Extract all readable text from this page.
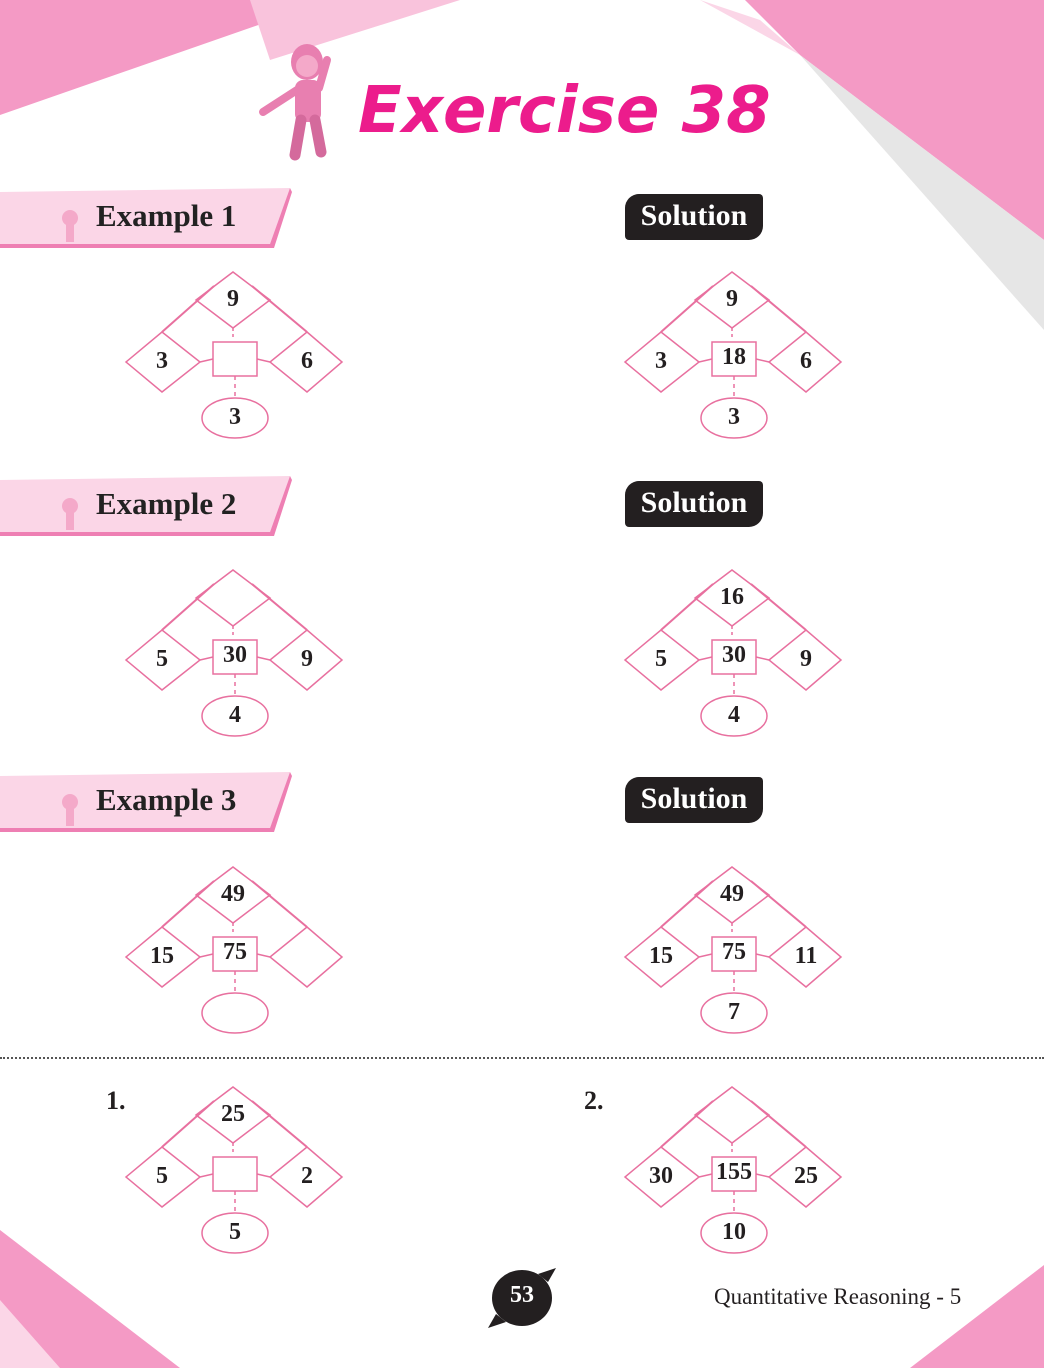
Exercise 38
Example 1
Example 2
Example 3
Solution
Solution
Solution
9
3	6
3
9
3	18	6
3
5	30	9
4
16
5	30	9
4
49
15	75
49
15	75	11
7
1.	25
5	2
5
2.
30	155	25
10
53	Quantitative Reasoning - 5
